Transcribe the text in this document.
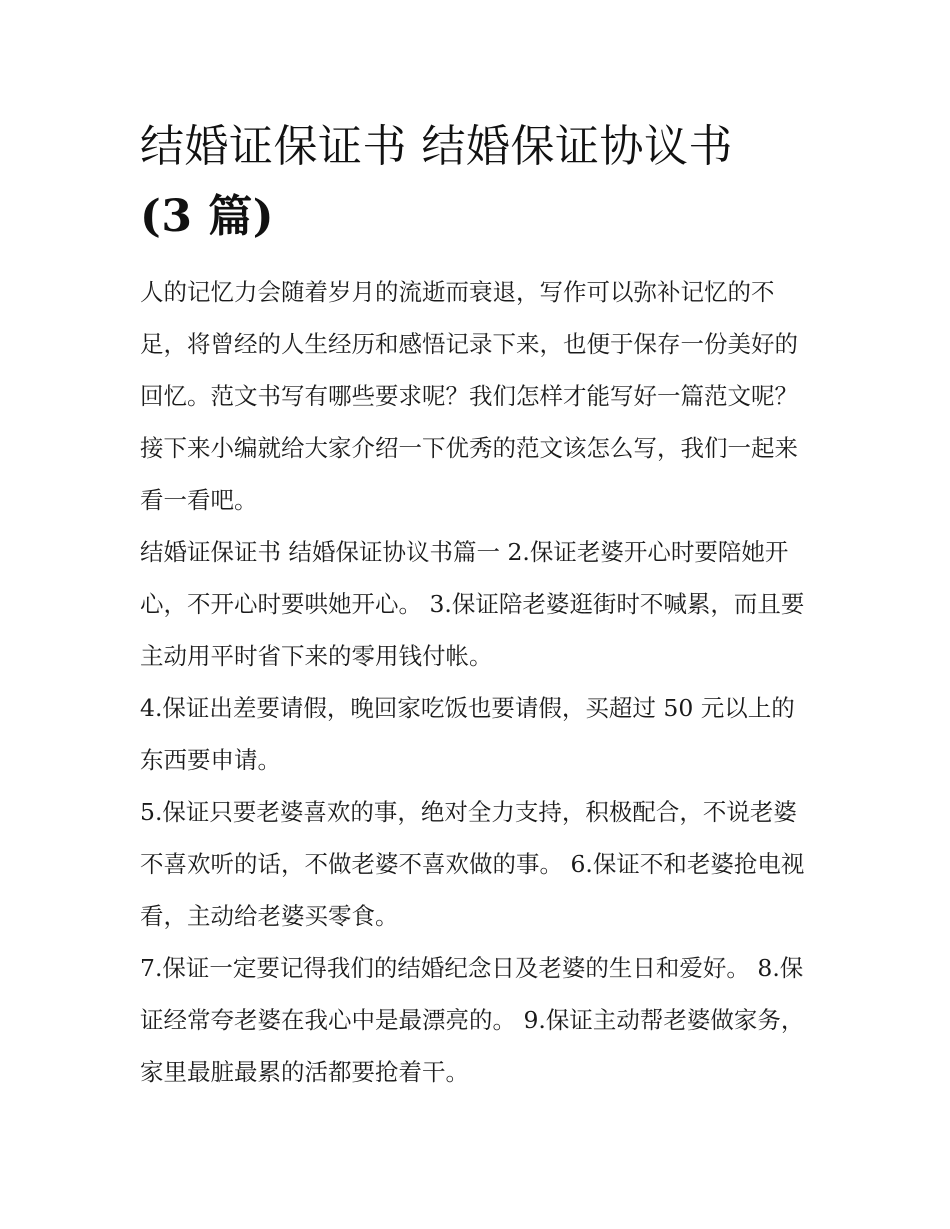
结婚证保证书 结婚保证协议书
(3 篇)

人的记忆力会随着岁月的流逝而衰退，写作可以弥补记忆的不足，将曾经的人生经历和感悟记录下来，也便于保存一份美好的回忆。范文书写有哪些要求呢？我们怎样才能写好一篇范文呢？接下来小编就给大家介绍一下优秀的范文该怎么写，我们一起来看一看吧。

结婚证保证书 结婚保证协议书篇一 2.保证老婆开心时要陪她开心，不开心时要哄她开心。 3.保证陪老婆逛街时不喊累，而且要主动用平时省下来的零用钱付帐。

4.保证出差要请假，晚回家吃饭也要请假，买超过 50 元以上的东西要申请。

5.保证只要老婆喜欢的事，绝对全力支持，积极配合，不说老婆不喜欢听的话，不做老婆不喜欢做的事。 6.保证不和老婆抢电视看，主动给老婆买零食。

7.保证一定要记得我们的结婚纪念日及老婆的生日和爱好。 8.保证经常夸老婆在我心中是最漂亮的。 9.保证主动帮老婆做家务，家里最脏最累的活都要抢着干。
